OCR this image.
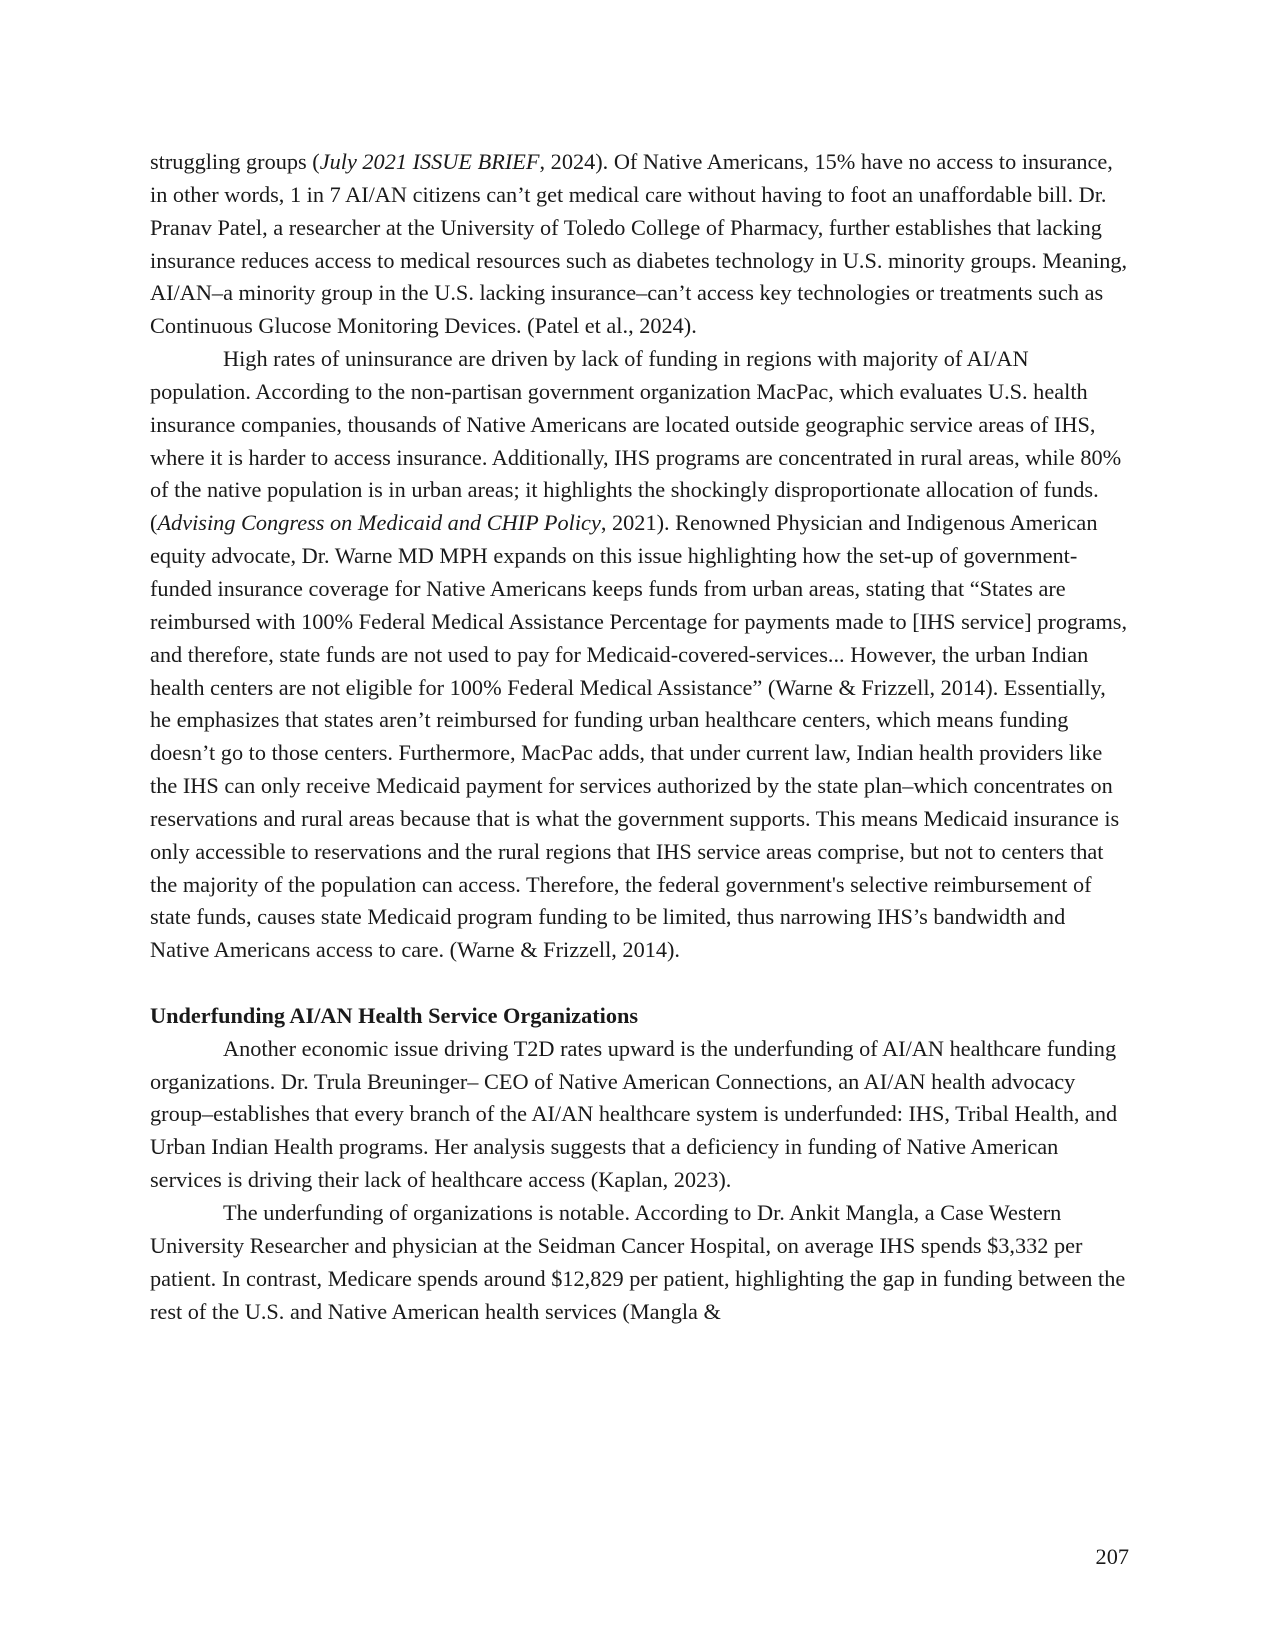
struggling groups (July 2021 ISSUE BRIEF, 2024). Of Native Americans, 15% have no access to insurance, in other words, 1 in 7 AI/AN citizens can’t get medical care without having to foot an unaffordable bill. Dr. Pranav Patel, a researcher at the University of Toledo College of Pharmacy, further establishes that lacking insurance reduces access to medical resources such as diabetes technology in U.S. minority groups. Meaning, AI/AN–a minority group in the U.S. lacking insurance–can’t access key technologies or treatments such as Continuous Glucose Monitoring Devices. (Patel et al., 2024).

High rates of uninsurance are driven by lack of funding in regions with majority of AI/AN population. According to the non-partisan government organization MacPac, which evaluates U.S. health insurance companies, thousands of Native Americans are located outside geographic service areas of IHS, where it is harder to access insurance. Additionally, IHS programs are concentrated in rural areas, while 80% of the native population is in urban areas; it highlights the shockingly disproportionate allocation of funds. (Advising Congress on Medicaid and CHIP Policy, 2021). Renowned Physician and Indigenous American equity advocate, Dr. Warne MD MPH expands on this issue highlighting how the set-up of government-funded insurance coverage for Native Americans keeps funds from urban areas, stating that “States are reimbursed with 100% Federal Medical Assistance Percentage for payments made to [IHS service] programs, and therefore, state funds are not used to pay for Medicaid-covered-services... However, the urban Indian health centers are not eligible for 100% Federal Medical Assistance” (Warne & Frizzell, 2014). Essentially, he emphasizes that states aren’t reimbursed for funding urban healthcare centers, which means funding doesn’t go to those centers. Furthermore, MacPac adds, that under current law, Indian health providers like the IHS can only receive Medicaid payment for services authorized by the state plan–which concentrates on reservations and rural areas because that is what the government supports. This means Medicaid insurance is only accessible to reservations and the rural regions that IHS service areas comprise, but not to centers that the majority of the population can access. Therefore, the federal government's selective reimbursement of state funds, causes state Medicaid program funding to be limited, thus narrowing IHS’s bandwidth and Native Americans access to care. (Warne & Frizzell, 2014).

Underfunding AI/AN Health Service Organizations

Another economic issue driving T2D rates upward is the underfunding of AI/AN healthcare funding organizations. Dr. Trula Breuninger– CEO of Native American Connections, an AI/AN health advocacy group–establishes that every branch of the AI/AN healthcare system is underfunded: IHS, Tribal Health, and Urban Indian Health programs. Her analysis suggests that a deficiency in funding of Native American services is driving their lack of healthcare access (Kaplan, 2023).

The underfunding of organizations is notable. According to Dr. Ankit Mangla, a Case Western University Researcher and physician at the Seidman Cancer Hospital, on average IHS spends $3,332 per patient. In contrast, Medicare spends around $12,829 per patient, highlighting the gap in funding between the rest of the U.S. and Native American health services (Mangla &

207
